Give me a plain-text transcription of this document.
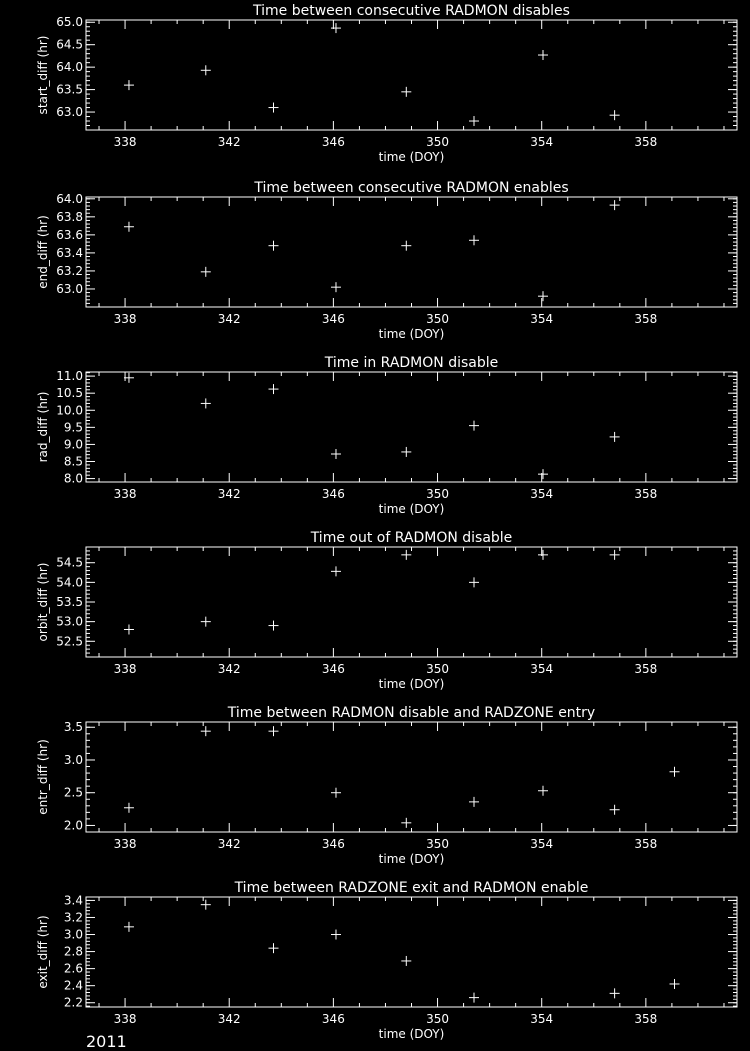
Time between consecutive RADMON disables
338	342	346	350	354	358
63.0
63.5
64.0
64.5
65.0
time (DOY)
start_diff (hr)
Time between consecutive RADMON enables
338	342	346	350	354	358
63.0
63.2
63.4
63.6
63.8
64.0
time (DOY)
end_diff (hr)
Time in RADMON disable
338	342	346	350	354	358
8.0
8.5
9.0
9.5
10.0
10.5
11.0
time (DOY)
rad_diff (hr)
Time out of RADMON disable
338	342	346	350	354	358
52.5
53.0
53.5
54.0
54.5
time (DOY)
orbit_diff (hr)
Time between RADMON disable and RADZONE entry
338	342	346	350	354	358
2.0
2.5
3.0
3.5
time (DOY)
entr_diff (hr)
Time between RADZONE exit and RADMON enable
338	342	346	350	354	358
2.2
2.4
2.6
2.8
3.0
3.2
3.4
time (DOY)
exit_diff (hr)
2011
